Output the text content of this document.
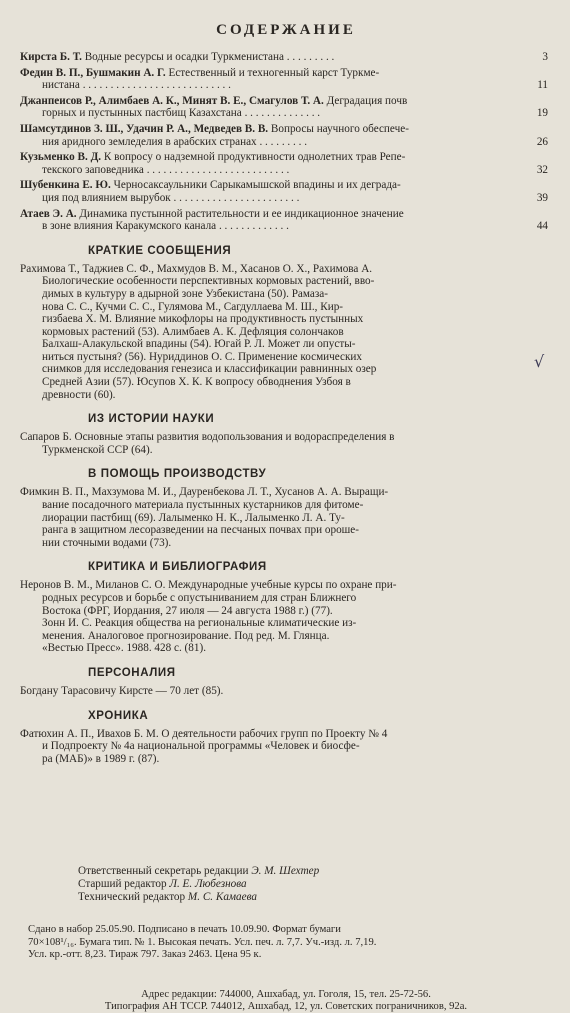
СОДЕРЖАНИЕ
Кирста Б. Т. Водные ресурсы и осадки Туркменистана . . . . . . . . .	3
Федин В. П., Бушмакин А. Г. Естественный и техногенный карст Туркме-
нистана . . . . . . . . . . . . . . . . . . . . . . . . . . .	11
Джанпеисов Р., Алимбаев А. К., Минят В. Е., Смагулов Т. А. Деградация почв
горных и пустынных пастбищ Казахстана . . . . . . . . . . . . . .	19
Шамсутдинов З. Ш., Удачин Р. А., Медведев В. В. Вопросы научного обеспече-
ния аридного земледелия в арабских странах . . . . . . . . .	26
Кузьменко В. Д. К вопросу о надземной продуктивности однолетних трав Репе-
текского заповедника . . . . . . . . . . . . . . . . . . . . . . . . . .	32
Шубенкина Е. Ю. Черносаксаульники Сарыкамышской впадины и их деграда-
ция под влиянием вырубок . . . . . . . . . . . . . . . . . . . . . . .	39
Атаев Э. А. Динамика пустынной растительности и ее индикационное значение
в зоне влияния Каракумского канала . . . . . . . . . . . . .	44
КРАТКИЕ СООБЩЕНИЯ
Рахимова Т., Таджиев С. Ф., Махмудов В. М., Хасанов О. Х., Рахимова А.
Биологические особенности перспективных кормовых растений, вво-
димых в культуру в адырной зоне Узбекистана (50). Рамаза-
нова С. С., Кучми С. С., Гулямова М., Сагдуллаева М. Ш., Кир-
гизбаева Х. М. Влияние микофлоры на продуктивность пустынных
кормовых растений (53). Алимбаев А. К. Дефляция солончаков
Балхаш-Алакульской впадины (54). Югай Р. Л. Может ли опусты-
ниться пустыня? (56). Нуриддинов О. С. Применение космических
снимков для исследования генезиса и классификации равнинных озер
Средней Азии (57). Юсупов Х. К. К вопросу обводнения Узбоя в
древности (60).
ИЗ ИСТОРИИ НАУКИ
Сапаров Б. Основные этапы развития водопользования и водораспределения в
Туркменской ССР (64).
В ПОМОЩЬ ПРОИЗВОДСТВУ
Фимкин В. П., Махзумова М. И., Дауренбекова Л. Т., Хусанов А. А. Выращи-
вание посадочного материала пустынных кустарников для фитоме-
лиорации пастбищ (69). Лалыменко Н. К., Лалыменко Л. А. Ту-
ранга в защитном лесоразведении на песчаных почвах при ороше-
нии сточными водами (73).
КРИТИКА И БИБЛИОГРАФИЯ
Неронов В. М., Миланов С. О. Международные учебные курсы по охране при-
родных ресурсов и борьбе с опустыниванием для стран Ближнего
Востока (ФРГ, Иордания, 27 июля — 24 августа 1988 г.) (77).
Зонн И. С. Реакция общества на региональные климатические из-
менения. Аналоговое прогнозирование. Под ред. М. Глянца.
«Вестью Пресс». 1988. 428 с. (81).
ПЕРСОНАЛИЯ
Богдану Тарасовичу Кирсте — 70 лет (85).
ХРОНИКА
Фатюхин А. П., Ивахов Б. М. О деятельности рабочих групп по Проекту № 4
и Подпроекту № 4а национальной программы «Человек и биосфе-
ра (МАБ)» в 1989 г. (87).
Ответственный секретарь редакции Э. М. Шехтер
Старший редактор Л. Е. Любезнова
Технический редактор М. С. Камаева
Сдано в набор 25.05.90. Подписано в печать 10.09.90. Формат бумаги
70×108¹/₁₆. Бумага тип. № 1. Высокая печать. Усл. печ. л. 7,7. Уч.-изд. л. 7,19.
Усл. кр.-отт. 8,23. Тираж 797. Заказ 2463. Цена 95 к.
Адрес редакции: 744000, Ашхабад, ул. Гоголя, 15, тел. 25-72-56.
Типография АН ТССР. 744012, Ашхабад, 12, ул. Советских пограничников, 92а.
√
